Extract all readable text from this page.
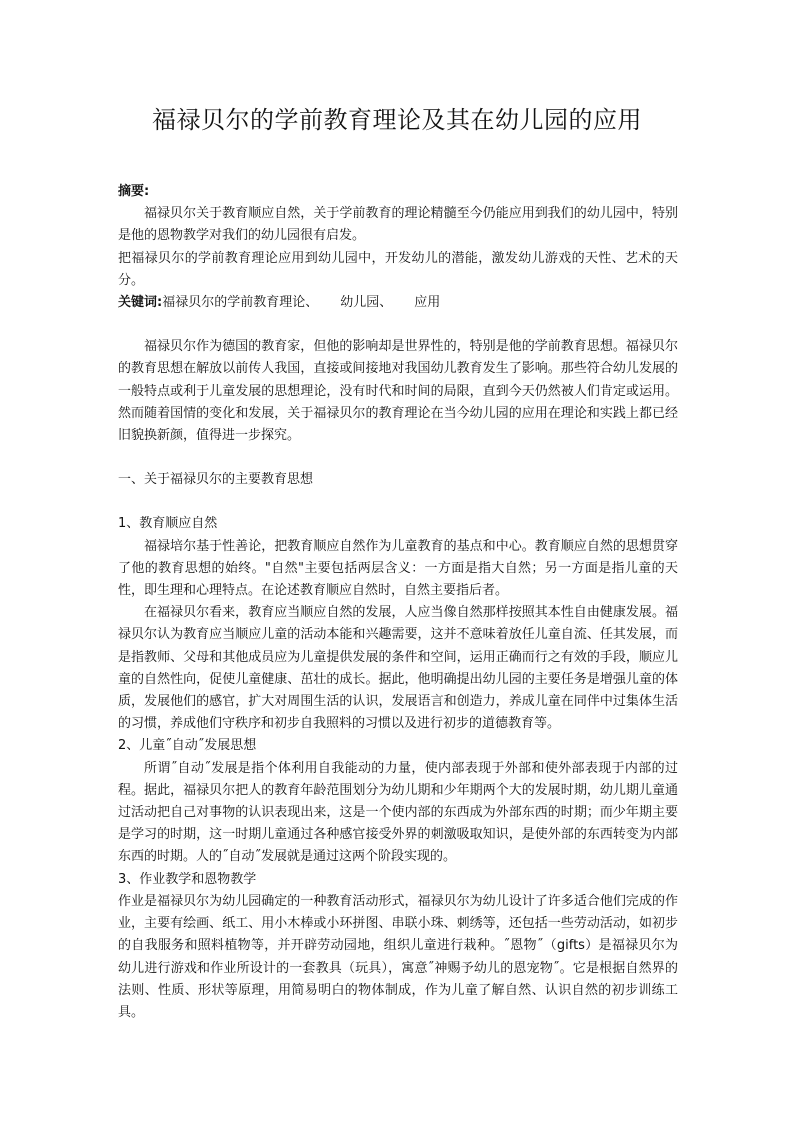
福禄贝尔的学前教育理论及其在幼儿园的应用

摘要:

福禄贝尔关于教育顺应自然，关于学前教育的理论精髓至今仍能应用到我们的幼儿园中，特别是他的恩物教学对我们的幼儿园很有启发。

把福禄贝尔的学前教育理论应用到幼儿园中，开发幼儿的潜能，激发幼儿游戏的天性、艺术的天分。

关键词:福禄贝尔的学前教育理论、 幼儿园、 应用

福禄贝尔作为德国的教育家，但他的影响却是世界性的，特别是他的学前教育思想。福禄贝尔的教育思想在解放以前传人我国，直接或间接地对我国幼儿教育发生了影响。那些符合幼儿发展的一般特点或利于儿童发展的思想理论，没有时代和时间的局限，直到今天仍然被人们肯定或运用。然而随着国情的变化和发展，关于福禄贝尔的教育理论在当今幼儿园的应用在理论和实践上都已经旧貌换新颜，值得进一步探究。

一、关于福禄贝尔的主要教育思想

1、教育顺应自然

福禄培尔基于性善论，把教育顺应自然作为儿童教育的基点和中心。教育顺应自然的思想贯穿了他的教育思想的始终。"自然"主要包括两层含义：一方面是指大自然；另一方面是指儿童的天性，即生理和心理特点。在论述教育顺应自然时，自然主要指后者。

在福禄贝尔看来，教育应当顺应自然的发展，人应当像自然那样按照其本性自由健康发展。福禄贝尔认为教育应当顺应儿童的活动本能和兴趣需要，这并不意味着放任儿童自流、任其发展，而是指教师、父母和其他成员应为儿童提供发展的条件和空间，运用正确而行之有效的手段，顺应儿童的自然性向，促使儿童健康、茁壮的成长。据此，他明确提出幼儿园的主要任务是增强儿童的体质，发展他们的感官，扩大对周围生活的认识，发展语言和创造力，养成儿童在同伴中过集体生活的习惯，养成他们守秩序和初步自我照料的习惯以及进行初步的道德教育等。

2、儿童˝自动˝发展思想

所谓˝自动˝发展是指个体利用自我能动的力量，使内部表现于外部和使外部表现于内部的过程。据此，福禄贝尔把人的教育年龄范围划分为幼儿期和少年期两个大的发展时期，幼儿期儿童通过活动把自己对事物的认识表现出来，这是一个使内部的东西成为外部东西的时期；而少年期主要是学习的时期，这一时期儿童通过各种感官接受外界的刺激吸取知识，是使外部的东西转变为内部东西的时期。人的˝自动˝发展就是通过这两个阶段实现的。

3、作业教学和恩物教学

作业是福禄贝尔为幼儿园确定的一种教育活动形式，福禄贝尔为幼儿设计了许多适合他们完成的作业，主要有绘画、纸工、用小木棒或小环拼图、串联小珠、刺绣等，还包括一些劳动活动，如初步的自我服务和照料植物等，并开辟劳动园地，组织儿童进行栽种。˝恩物˝（gifts）是福禄贝尔为幼儿进行游戏和作业所设计的一套教具（玩具），寓意˝神赐予幼儿的恩宠物˝。它是根据自然界的法则、性质、形状等原理，用简易明白的物体制成，作为儿童了解自然、认识自然的初步训练工具。
